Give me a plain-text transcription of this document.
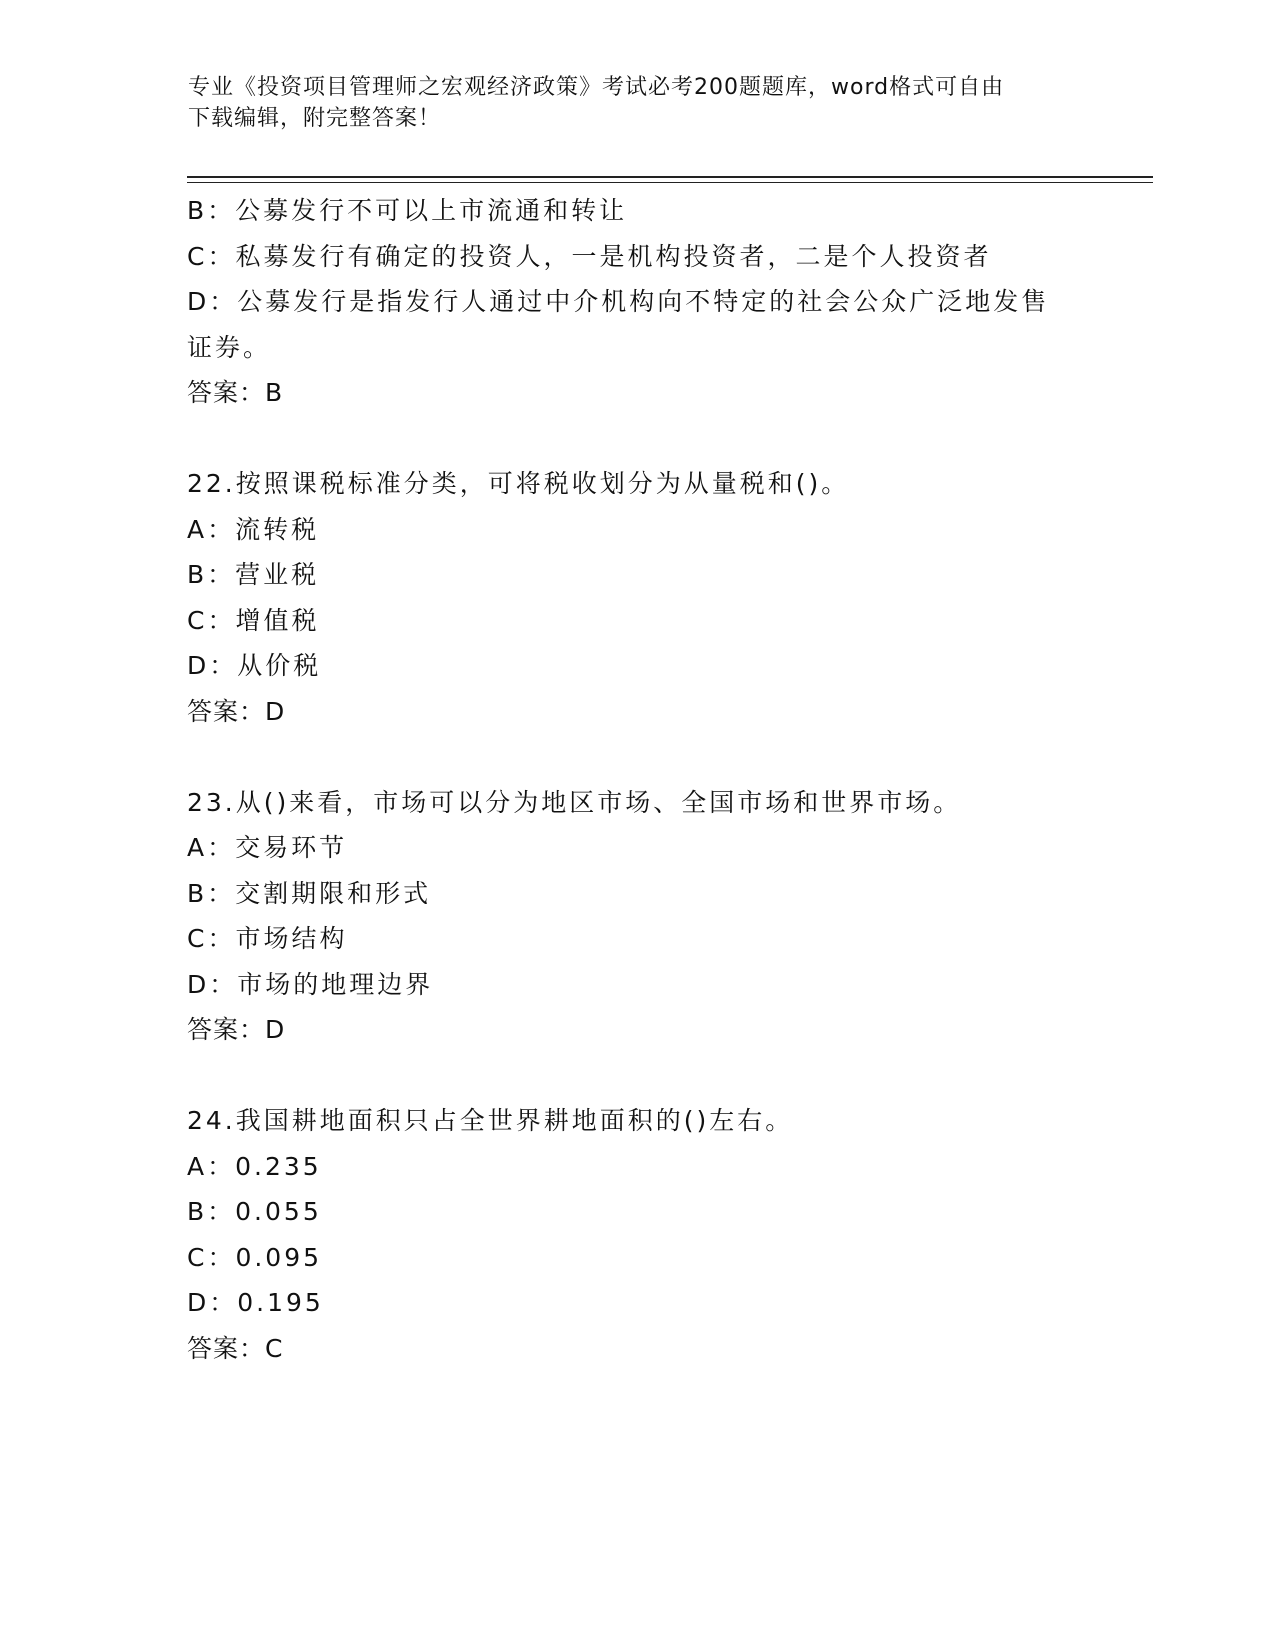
专业《投资项目管理师之宏观经济政策》考试必考200题题库，word格式可自由
下载编辑，附完整答案！
B：公募发行不可以上市流通和转让
C：私募发行有确定的投资人，一是机构投资者，二是个人投资者
D：公募发行是指发行人通过中介机构向不特定的社会公众广泛地发售
证券。
答案：B
22.按照课税标准分类，可将税收划分为从量税和()。
A：流转税
B：营业税
C：增值税
D：从价税
答案：D
23.从()来看，市场可以分为地区市场、全国市场和世界市场。
A：交易环节
B：交割期限和形式
C：市场结构
D：市场的地理边界
答案：D
24.我国耕地面积只占全世界耕地面积的()左右。
A：0.235
B：0.055
C：0.095
D：0.195
答案：C
